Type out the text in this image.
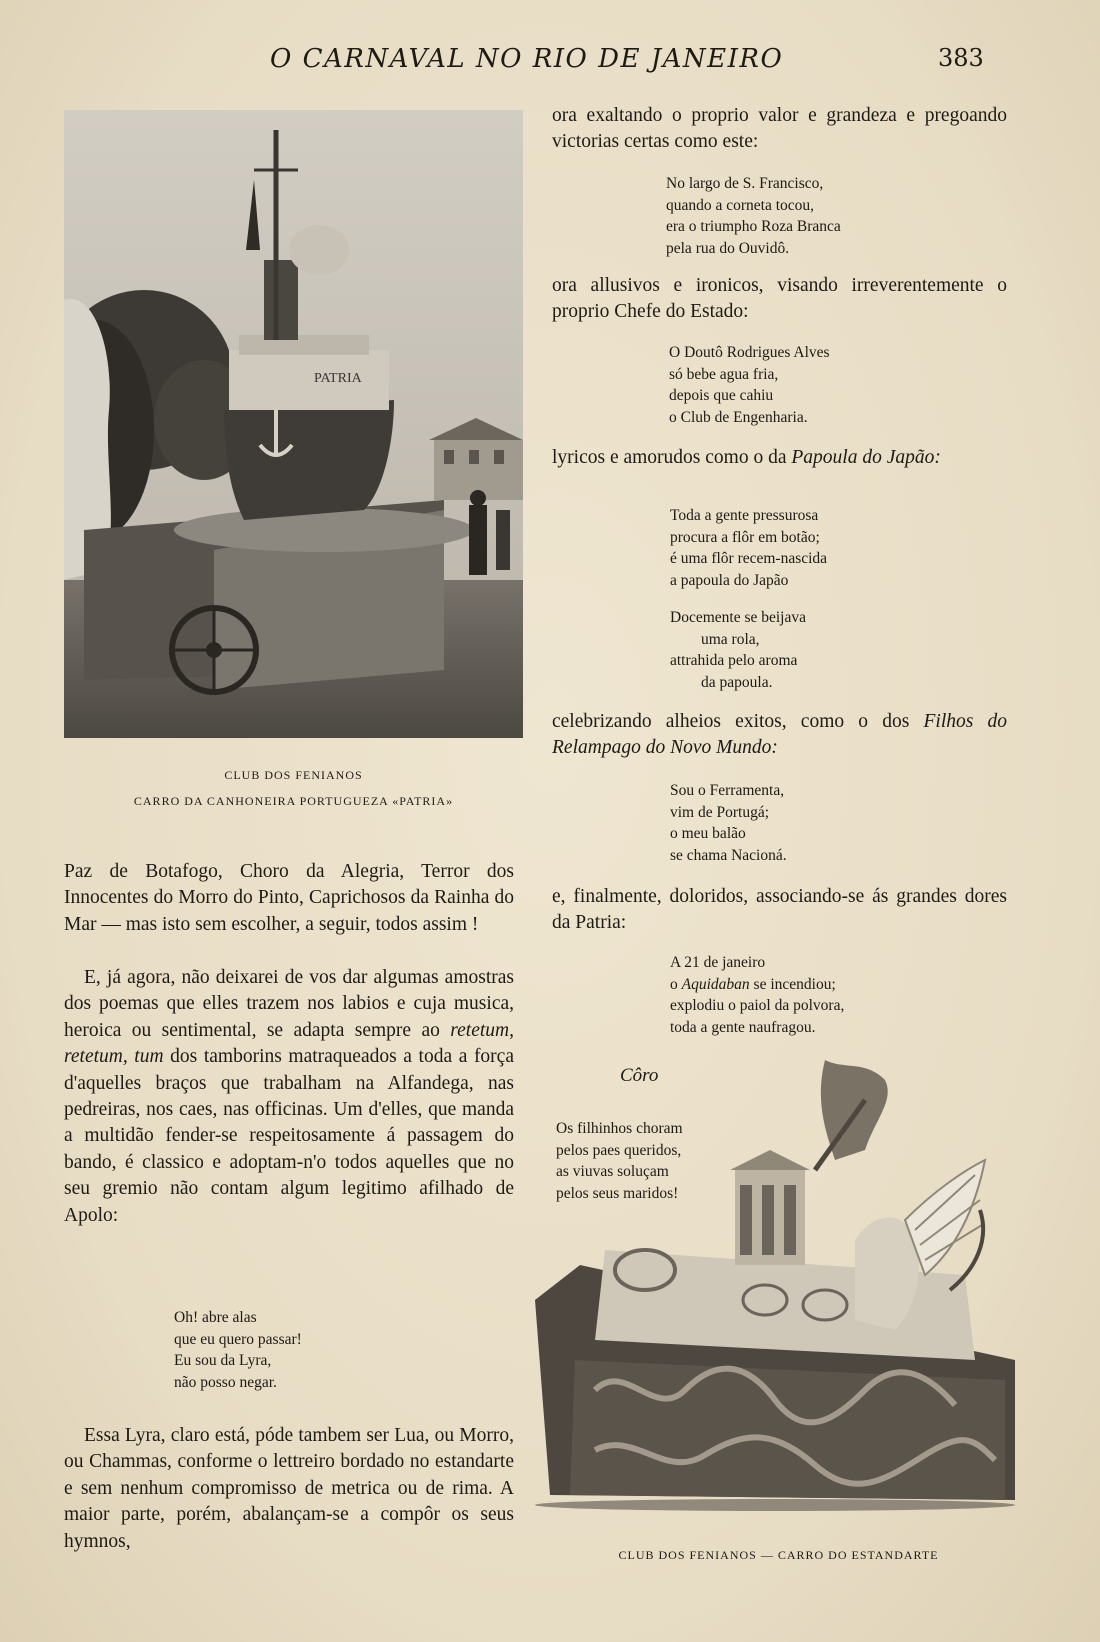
O CARNAVAL NO RIO DE JANEIRO	383
PATRIA
CLUB DOS FENIANOS
CARRO DA CANHONEIRA PORTUGUEZA «PATRIA»

Paz de Botafogo, Choro da Alegria, Terror dos Innocentes do Morro do Pinto, Caprichosos da Rainha do Mar — mas isto sem escolher, a seguir, todos assim !

E, já agora, não deixarei de vos dar algumas amostras dos poemas que elles trazem nos labios e cuja musica, heroica ou sentimental, se adapta sempre ao retetum, retetum, tum dos tamborins matraqueados a toda a força d'aquelles braços que trabalham na Alfandega, nas pedreiras, nos caes, nas officinas. Um d'elles, que manda a multidão fender-se respeitosamente á passagem do bando, é classico e adoptam-n'o todos aquelles que no seu gremio não contam algum legitimo afilhado de Apolo:

Oh! abre alas
que eu quero passar!
Eu sou da Lyra,
não posso negar.

Essa Lyra, claro está, póde tambem ser Lua, ou Morro, ou Chammas, conforme o lettreiro bordado no estandarte e sem nenhum compromisso de metrica ou de rima. A maior parte, porém, abalançam-se a compôr os seus hymnos,

ora exaltando o proprio valor e grandeza e pregoando victorias certas como este:

No largo de S. Francisco,
quando a corneta tocou,
era o triumpho Roza Branca
pela rua do Ouvidô.

ora allusivos e ironicos, visando irreverentemente o proprio Chefe do Estado:

O Doutô Rodrigues Alves
só bebe agua fria,
depois que cahiu
o Club de Engenharia.

lyricos e amorudos como o da Papoula do Japão:

Toda a gente pressurosa
procura a flôr em botão;
é uma flôr recem-nascida
a papoula do Japão
Docemente se beijava
uma rola,
attrahida pelo aroma
da papoula.

celebrizando alheios exitos, como o dos Filhos do Relampago do Novo Mundo:

Sou o Ferramenta,
vim de Portugá;
o meu balão
se chama Nacioná.

e, finalmente, doloridos, associando-se ás grandes dores da Patria:

A 21 de janeiro
o Aquidaban se incendiou;
explodiu o paiol da polvora,
toda a gente naufragou.
Côro
Os filhinhos choram
pelos paes queridos,
as viuvas soluçam
pelos seus maridos!
CLUB DOS FENIANOS — CARRO DO ESTANDARTE
